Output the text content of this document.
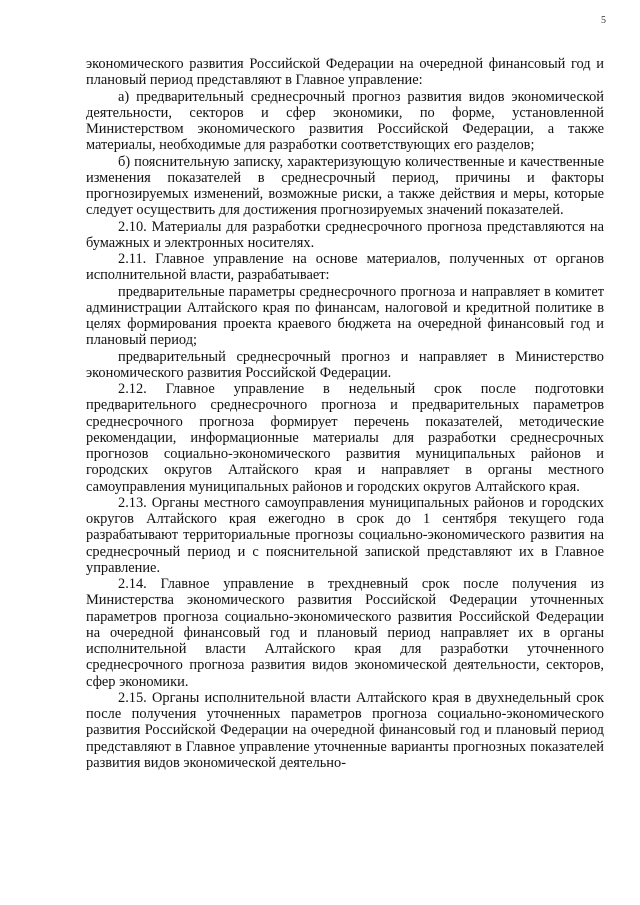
5

экономического развития Российской Федерации на очередной финансовый год и плановый период представляют в Главное управление:

а) предварительный среднесрочный прогноз развития видов экономической деятельности, секторов и сфер экономики, по форме, установленной Министерством экономического развития Российской Федерации, а также материалы, необходимые для разработки соответствующих его разделов;

б) пояснительную записку, характеризующую количественные и качественные изменения показателей в среднесрочный период, причины и факторы прогнозируемых изменений, возможные риски, а также действия и меры, которые следует осуществить для достижения прогнозируемых значений показателей.

2.10. Материалы для разработки среднесрочного прогноза представляются на бумажных и электронных носителях.

2.11. Главное управление на основе материалов, полученных от органов исполнительной власти, разрабатывает:

предварительные параметры среднесрочного прогноза и направляет в комитет администрации Алтайского края по финансам, налоговой и кредитной политике в целях формирования проекта краевого бюджета на очередной финансовый год и плановый период;

предварительный среднесрочный прогноз и направляет в Министерство экономического развития Российской Федерации.

2.12. Главное управление в недельный срок после подготовки предварительного среднесрочного прогноза и предварительных параметров среднесрочного прогноза формирует перечень показателей, методические рекомендации, информационные материалы для разработки среднесрочных прогнозов социально-экономического развития муниципальных районов и городских округов Алтайского края и направляет в органы местного самоуправления муниципальных районов и городских округов Алтайского края.

2.13. Органы местного самоуправления муниципальных районов и городских округов Алтайского края ежегодно в срок до 1 сентября текущего года разрабатывают территориальные прогнозы социально-экономического развития на среднесрочный период и с пояснительной запиской представляют их в Главное управление.

2.14. Главное управление в трехдневный срок после получения из Министерства экономического развития Российской Федерации уточненных параметров прогноза социально-экономического развития Российской Федерации на очередной финансовый год и плановый период направляет их в органы исполнительной власти Алтайского края для разработки уточненного среднесрочного прогноза развития видов экономической деятельности, секторов, сфер экономики.

2.15. Органы исполнительной власти Алтайского края в двухнедельный срок после получения уточненных параметров прогноза социально-экономического развития Российской Федерации на очередной финансовый год и плановый период представляют в Главное управление уточненные варианты прогнозных показателей развития видов экономической деятельно-
